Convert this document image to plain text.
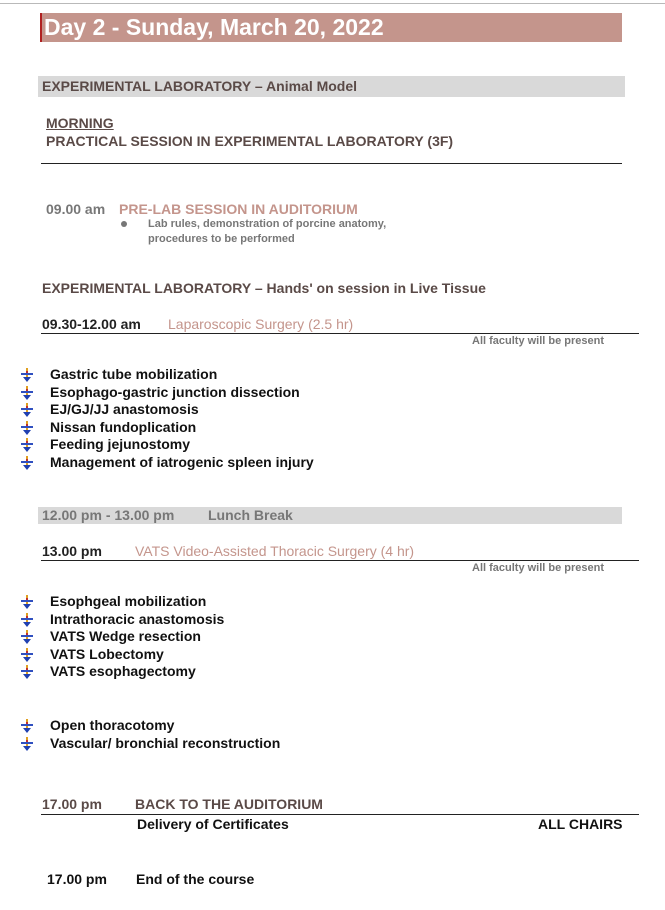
Day 2 - Sunday, March 20, 2022
EXPERIMENTAL LABORATORY – Animal Model
MORNING
PRACTICAL SESSION IN EXPERIMENTAL LABORATORY (3F)
09.00 am PRE-LAB SESSION IN AUDITORIUM
Lab rules, demonstration of porcine anatomy,
procedures to be performed
EXPERIMENTAL LABORATORY – Hands' on session in Live Tissue
09.30-12.00 am Laparoscopic Surgery (2.5 hr)
All faculty will be present
Gastric tube mobilization
Esophago-gastric junction dissection
EJ/GJ/JJ anastomosis
Nissan fundoplication
Feeding jejunostomy
Management of iatrogenic spleen injury
12.00 pm - 13.00 pm Lunch Break
13.00 pm VATS Video-Assisted Thoracic Surgery (4 hr)
All faculty will be present
Esophgeal mobilization
Intrathoracic anastomosis
VATS Wedge resection
VATS Lobectomy
VATS esophagectomy
Open thoracotomy
Vascular/ bronchial reconstruction
17.00 pm BACK TO THE AUDITORIUM
Delivery of Certificates	ALL CHAIRS
17.00 pm End of the course
